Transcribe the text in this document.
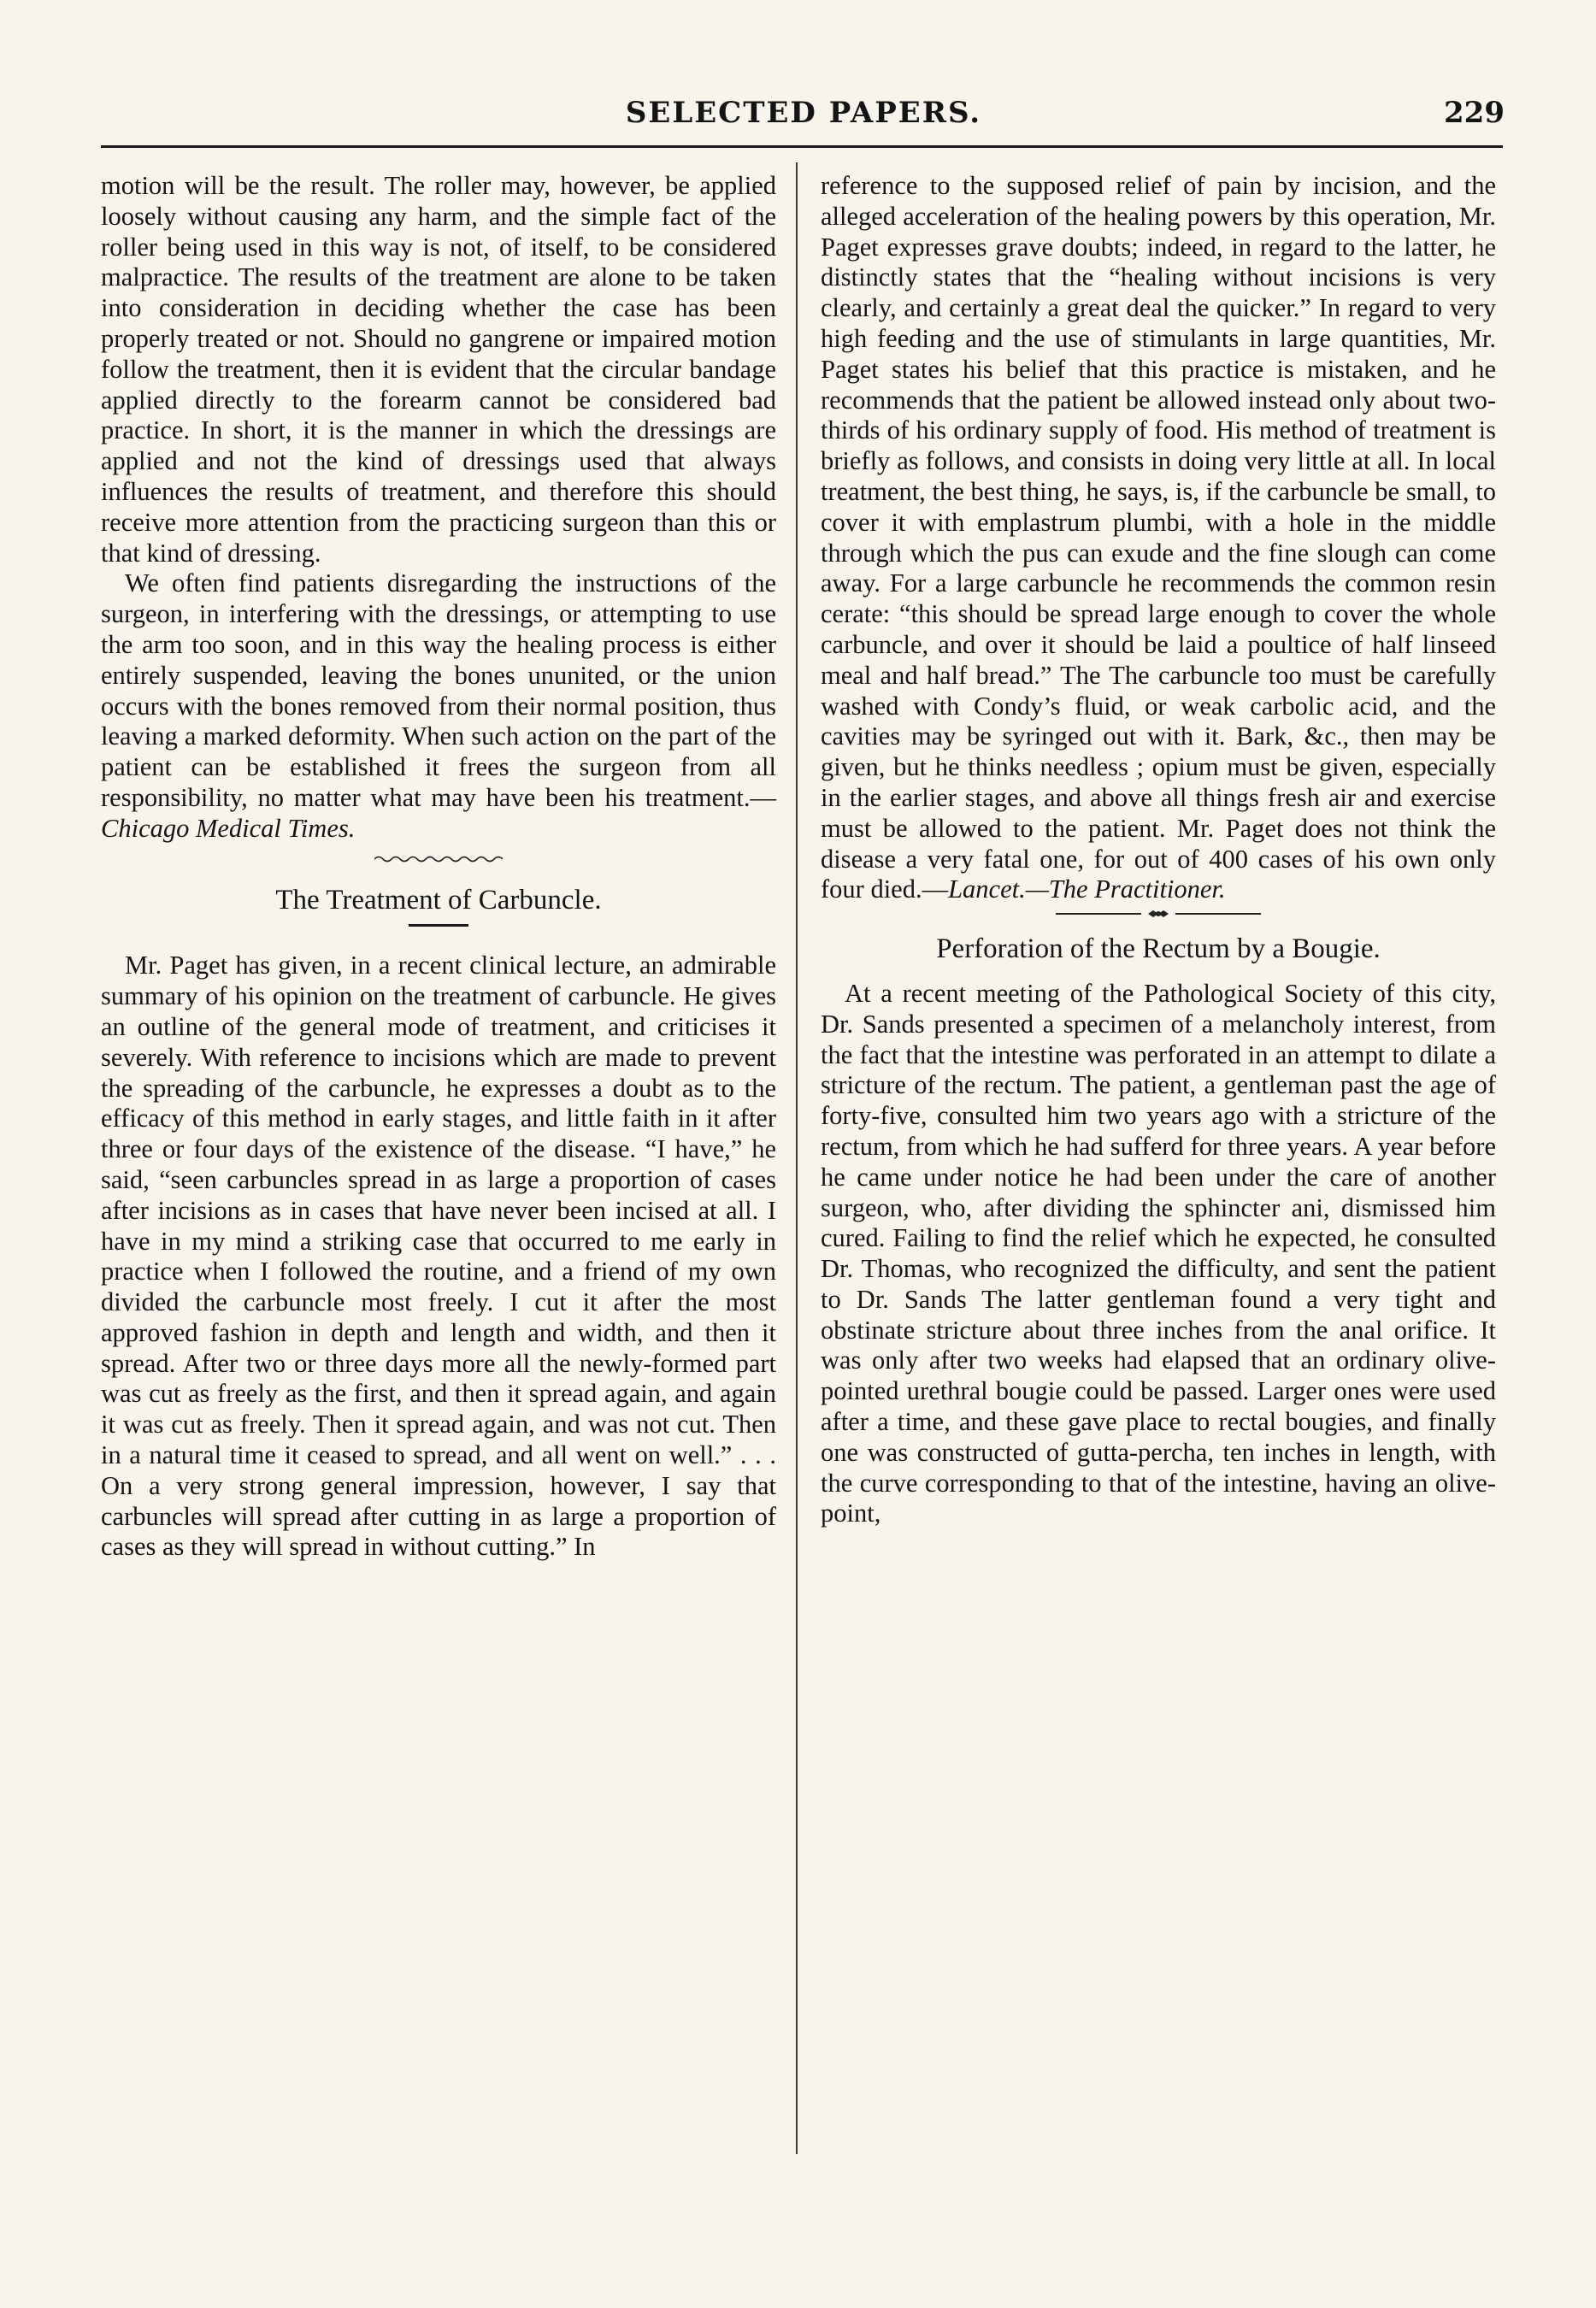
SELECTED PAPERS.	229

motion will be the result. The roller may, however, be applied loosely without causing any harm, and the simple fact of the roller being used in this way is not, of itself, to be considered malpractice. The results of the treatment are alone to be taken into consideration in deciding whether the case has been properly treated or not. Should no gangrene or impaired motion follow the treatment, then it is evident that the circular bandage applied directly to the forearm cannot be considered bad practice. In short, it is the manner in which the dressings are applied and not the kind of dressings used that always influences the results of treatment, and therefore this should receive more attention from the practicing surgeon than this or that kind of dressing.

We often find patients disregarding the instructions of the surgeon, in interfering with the dressings, or attempting to use the arm too soon, and in this way the healing process is either entirely suspended, leaving the bones ununited, or the union occurs with the bones removed from their normal position, thus leaving a marked deformity. When such action on the part of the patient can be established it frees the surgeon from all responsibility, no matter what may have been his treatment.—Chicago Medical Times.

The Treatment of Carbuncle.

Mr. Paget has given, in a recent clinical lecture, an admirable summary of his opinion on the treatment of carbuncle. He gives an outline of the general mode of treatment, and criticises it severely. With reference to incisions which are made to prevent the spreading of the carbuncle, he expresses a doubt as to the efficacy of this method in early stages, and little faith in it after three or four days of the existence of the disease. “I have,” he said, “seen carbuncles spread in as large a proportion of cases after incisions as in cases that have never been incised at all. I have in my mind a striking case that occurred to me early in practice when I followed the routine, and a friend of my own divided the carbuncle most freely. I cut it after the most approved fashion in depth and length and width, and then it spread. After two or three days more all the newly-formed part was cut as freely as the first, and then it spread again, and again it was cut as freely. Then it spread again, and was not cut. Then in a natural time it ceased to spread, and all went on well.” . . . On a very strong general impression, however, I say that carbuncles will spread after cutting in as large a proportion of cases as they will spread in without cutting.” In

reference to the supposed relief of pain by incision, and the alleged acceleration of the healing powers by this operation, Mr. Paget expresses grave doubts; indeed, in regard to the latter, he distinctly states that the “healing without incisions is very clearly, and certainly a great deal the quicker.” In regard to very high feeding and the use of stimulants in large quantities, Mr. Paget states his belief that this practice is mistaken, and he recommends that the patient be allowed instead only about two-thirds of his ordinary supply of food. His method of treatment is briefly as follows, and consists in doing very little at all. In local treatment, the best thing, he says, is, if the carbuncle be small, to cover it with emplastrum plumbi, with a hole in the middle through which the pus can exude and the fine slough can come away. For a large carbuncle he recommends the common resin cerate: “this should be spread large enough to cover the whole carbuncle, and over it should be laid a poultice of half linseed meal and half bread.” The The carbuncle too must be carefully washed with Condy’s fluid, or weak carbolic acid, and the cavities may be syringed out with it. Bark, &c., then may be given, but he thinks needless ; opium must be given, especially in the earlier stages, and above all things fresh air and exercise must be allowed to the patient. Mr. Paget does not think the disease a very fatal one, for out of 400 cases of his own only four died.—Lancet.—The Practitioner.

Perforation of the Rectum by a Bougie.

At a recent meeting of the Pathological Society of this city, Dr. Sands presented a specimen of a melancholy interest, from the fact that the intestine was perforated in an attempt to dilate a stricture of the rectum. The patient, a gentleman past the age of forty-five, consulted him two years ago with a stricture of the rectum, from which he had sufferd for three years. A year before he came under notice he had been under the care of another surgeon, who, after dividing the sphincter ani, dismissed him cured. Failing to find the relief which he expected, he consulted Dr. Thomas, who recognized the difficulty, and sent the patient to Dr. Sands The latter gentleman found a very tight and obstinate stricture about three inches from the anal orifice. It was only after two weeks had elapsed that an ordinary olive-pointed urethral bougie could be passed. Larger ones were used after a time, and these gave place to rectal bougies, and finally one was constructed of gutta-percha, ten inches in length, with the curve corresponding to that of the intestine, having an olive-point,
